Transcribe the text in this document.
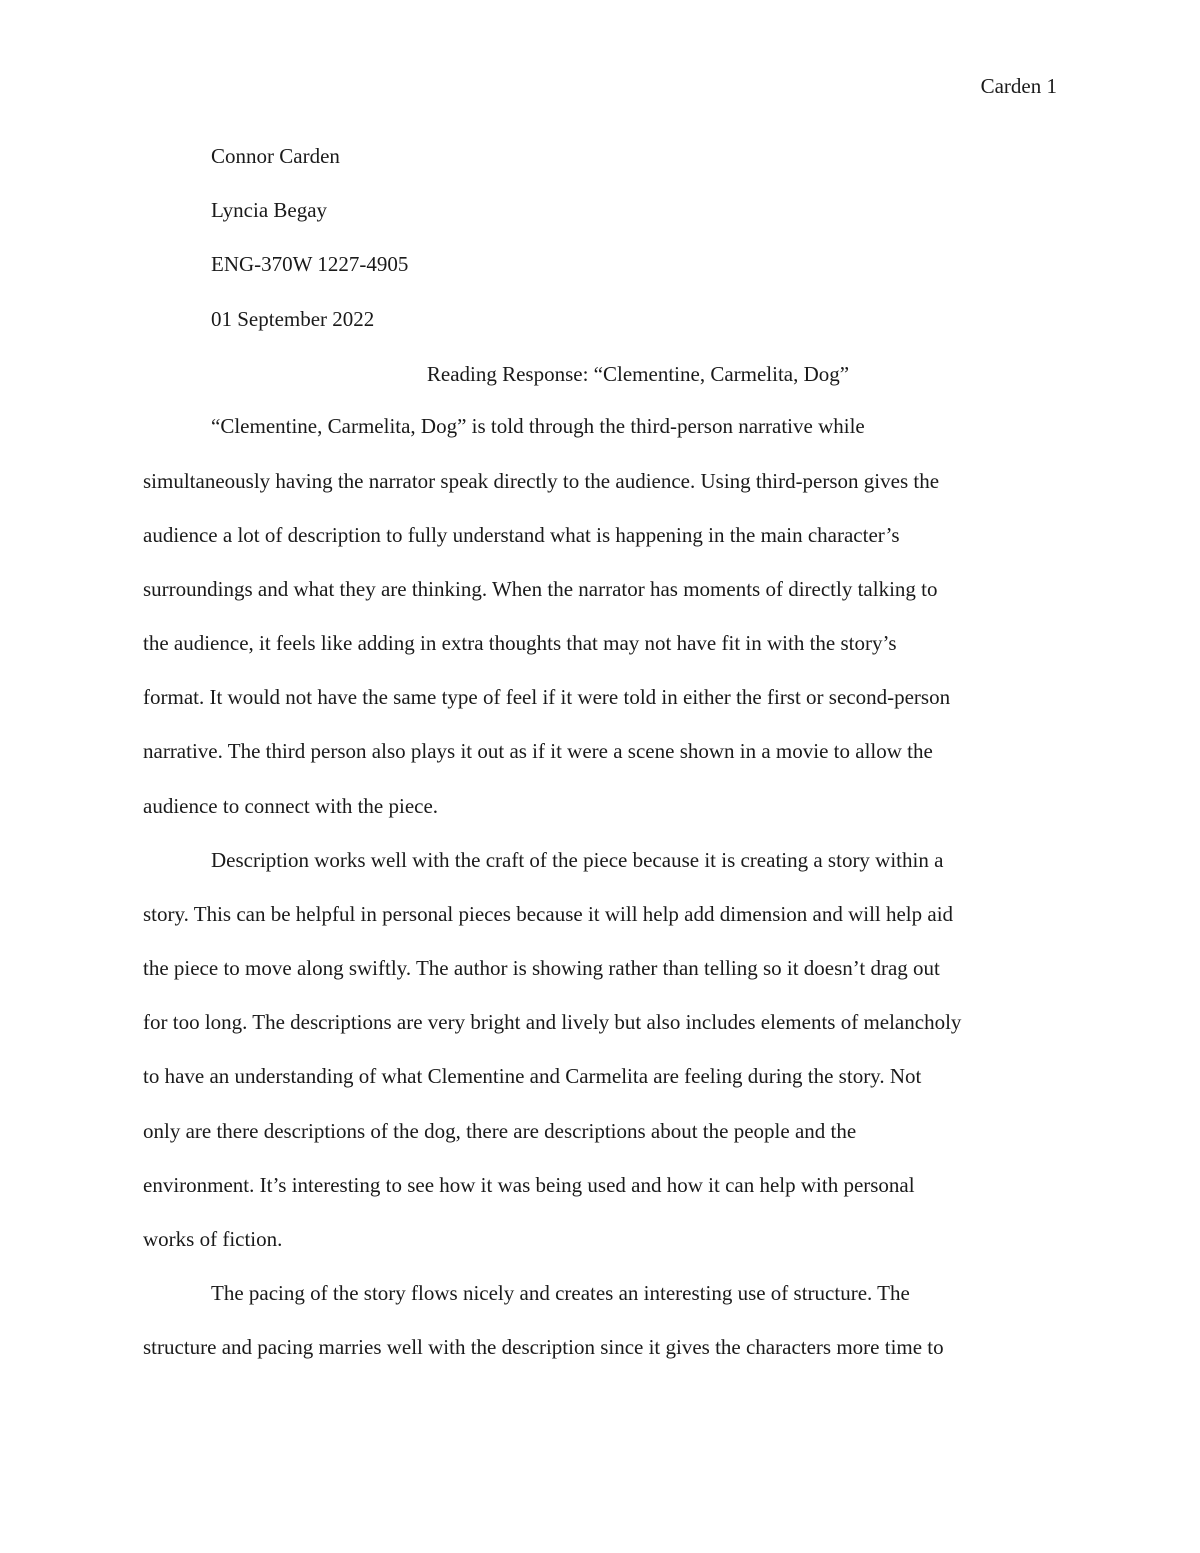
Carden 1
Connor Carden
Lyncia Begay
ENG-370W 1227-4905
01 September 2022
Reading Response: “Clementine, Carmelita, Dog”
“Clementine, Carmelita, Dog” is told through the third-person narrative while
simultaneously having the narrator speak directly to the audience. Using third-person gives the
audience a lot of description to fully understand what is happening in the main character’s
surroundings and what they are thinking. When the narrator has moments of directly talking to
the audience, it feels like adding in extra thoughts that may not have fit in with the story’s
format. It would not have the same type of feel if it were told in either the first or second-person
narrative. The third person also plays it out as if it were a scene shown in a movie to allow the
audience to connect with the piece.
Description works well with the craft of the piece because it is creating a story within a
story. This can be helpful in personal pieces because it will help add dimension and will help aid
the piece to move along swiftly. The author is showing rather than telling so it doesn’t drag out
for too long. The descriptions are very bright and lively but also includes elements of melancholy
to have an understanding of what Clementine and Carmelita are feeling during the story. Not
only are there descriptions of the dog, there are descriptions about the people and the
environment. It’s interesting to see how it was being used and how it can help with personal
works of fiction.
The pacing of the story flows nicely and creates an interesting use of structure. The
structure and pacing marries well with the description since it gives the characters more time to
